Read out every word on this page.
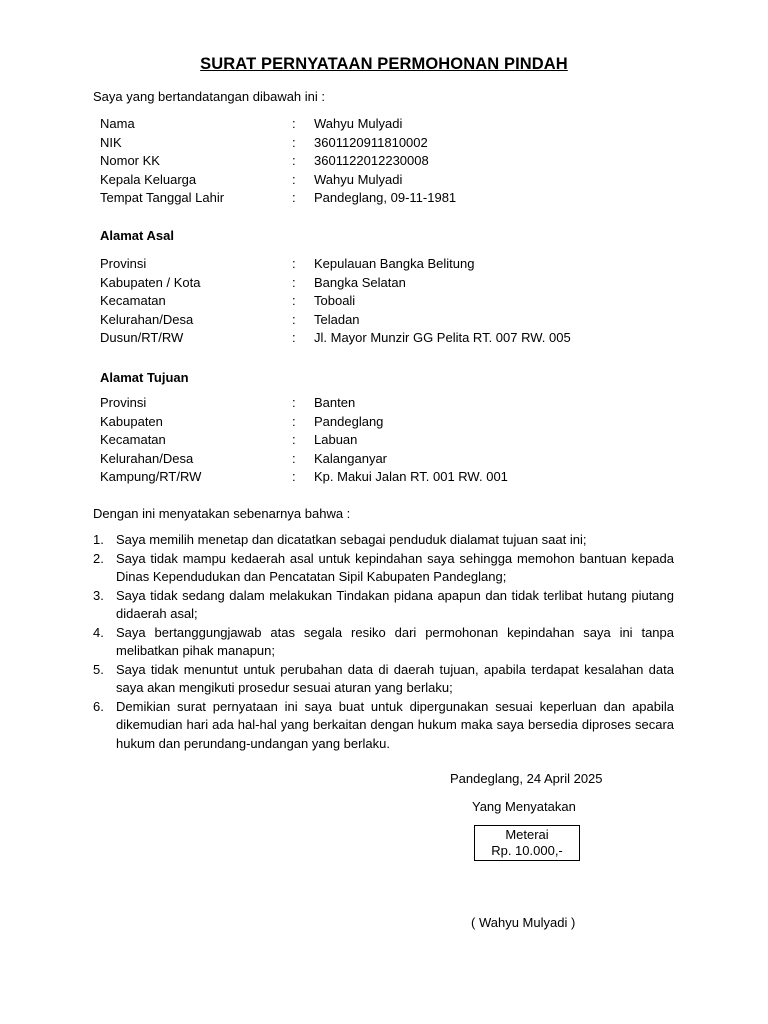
SURAT PERNYATAAN PERMOHONAN PINDAH
Saya yang bertandatangan dibawah ini :
Nama	: Wahyu Mulyadi
NIK	: 3601120911810002
Nomor KK	: 3601122012230008
Kepala Keluarga	: Wahyu Mulyadi
Tempat Tanggal Lahir	: Pandeglang, 09-11-1981
Alamat Asal
Provinsi	: Kepulauan Bangka Belitung
Kabupaten / Kota	: Bangka Selatan
Kecamatan	: Toboali
Kelurahan/Desa	: Teladan
Dusun/RT/RW	: Jl. Mayor Munzir GG Pelita RT. 007 RW. 005
Alamat Tujuan
Provinsi	: Banten
Kabupaten	: Pandeglang
Kecamatan	: Labuan
Kelurahan/Desa	: Kalanganyar
Kampung/RT/RW	: Kp. Makui Jalan RT. 001 RW. 001
Dengan ini menyatakan sebenarnya bahwa :
1. Saya memilih menetap dan dicatatkan sebagai penduduk dialamat tujuan saat ini;
2. Saya tidak mampu kedaerah asal untuk kepindahan saya sehingga memohon bantuan kepada Dinas Kependudukan dan Pencatatan Sipil Kabupaten Pandeglang;
3. Saya tidak sedang dalam melakukan Tindakan pidana apapun dan tidak terlibat hutang piutang didaerah asal;
4. Saya bertanggungjawab atas segala resiko dari permohonan kepindahan saya ini tanpa melibatkan pihak manapun;
5. Saya tidak menuntut untuk perubahan data di daerah tujuan, apabila terdapat kesalahan data saya akan mengikuti prosedur sesuai aturan yang berlaku;
6. Demikian surat pernyataan ini saya buat untuk dipergunakan sesuai keperluan dan apabila dikemudian hari ada hal-hal yang berkaitan dengan hukum maka saya bersedia diproses secara hukum dan perundang-undangan yang berlaku.
Pandeglang, 24 April 2025
Yang Menyatakan
Meterai
Rp. 10.000,-
( Wahyu Mulyadi )
